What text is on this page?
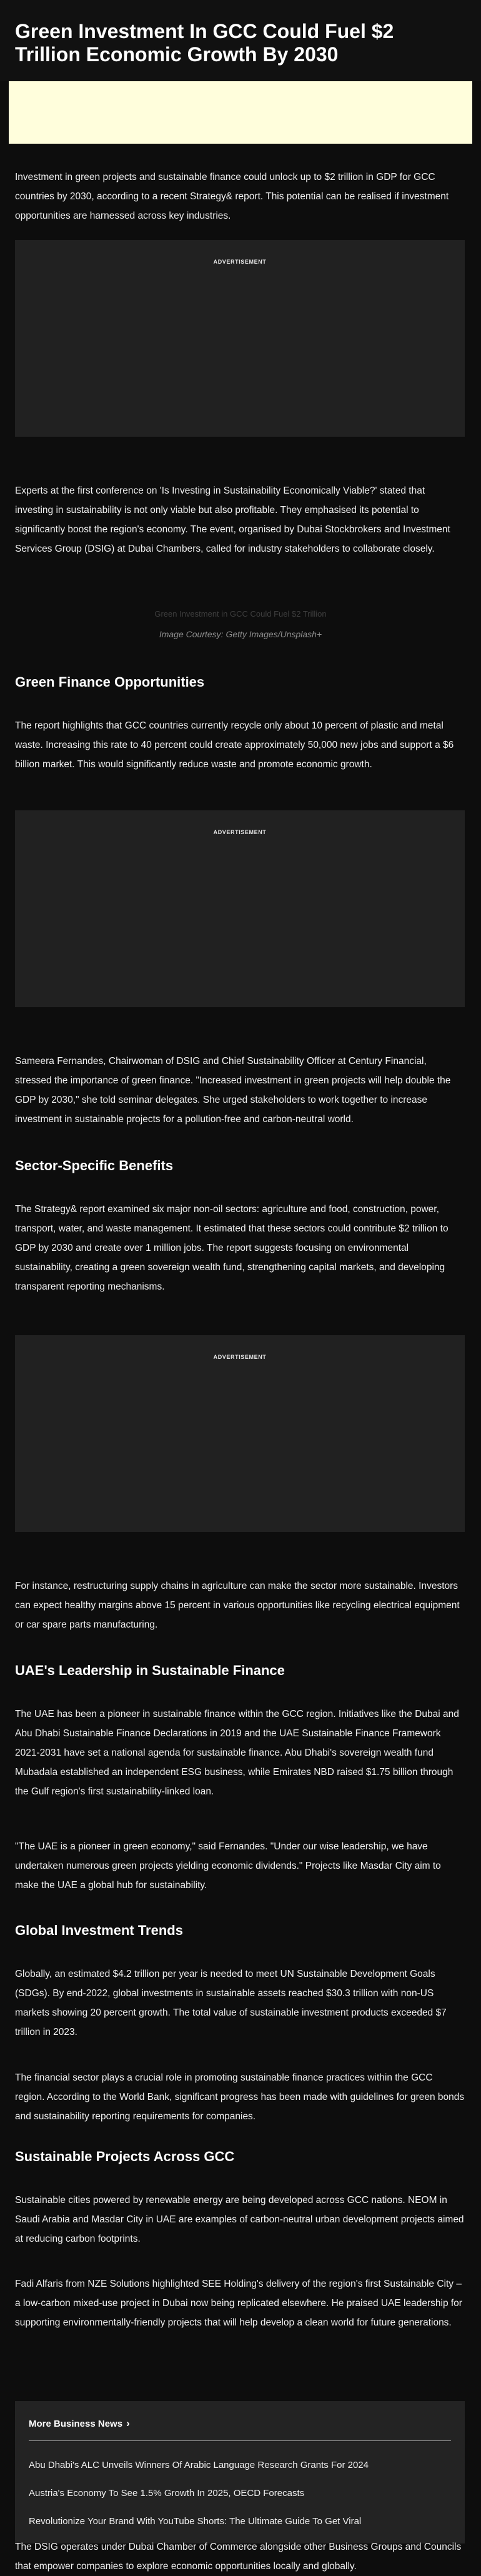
Green Investment In GCC Could Fuel $2 Trillion Economic Growth By 2030

Investment in green projects and sustainable finance could unlock up to $2 trillion in GDP for GCC countries by 2030, according to a recent Strategy& report. This potential can be realised if investment opportunities are harnessed across key industries.

ADVERTISEMENT

Experts at the first conference on 'Is Investing in Sustainability Economically Viable?' stated that investing in sustainability is not only viable but also profitable. They emphasised its potential to significantly boost the region's economy. The event, organised by Dubai Stockbrokers and Investment Services Group (DSIG) at Dubai Chambers, called for industry stakeholders to collaborate closely.

Green Investment in GCC Could Fuel $2 Trillion
Image Courtesy: Getty Images/Unsplash+
Green Finance Opportunities

The report highlights that GCC countries currently recycle only about 10 percent of plastic and metal waste. Increasing this rate to 40 percent could create approximately 50,000 new jobs and support a $6 billion market. This would significantly reduce waste and promote economic growth.

ADVERTISEMENT

Sameera Fernandes, Chairwoman of DSIG and Chief Sustainability Officer at Century Financial, stressed the importance of green finance. "Increased investment in green projects will help double the GDP by 2030," she told seminar delegates. She urged stakeholders to work together to increase investment in sustainable projects for a pollution-free and carbon-neutral world.

Sector-Specific Benefits

The Strategy& report examined six major non-oil sectors: agriculture and food, construction, power, transport, water, and waste management. It estimated that these sectors could contribute $2 trillion to GDP by 2030 and create over 1 million jobs. The report suggests focusing on environmental sustainability, creating a green sovereign wealth fund, strengthening capital markets, and developing transparent reporting mechanisms.

ADVERTISEMENT

For instance, restructuring supply chains in agriculture can make the sector more sustainable. Investors can expect healthy margins above 15 percent in various opportunities like recycling electrical equipment or car spare parts manufacturing.

UAE's Leadership in Sustainable Finance

The UAE has been a pioneer in sustainable finance within the GCC region. Initiatives like the Dubai and Abu Dhabi Sustainable Finance Declarations in 2019 and the UAE Sustainable Finance Framework 2021-2031 have set a national agenda for sustainable finance. Abu Dhabi's sovereign wealth fund Mubadala established an independent ESG business, while Emirates NBD raised $1.75 billion through the Gulf region's first sustainability-linked loan.

"The UAE is a pioneer in green economy," said Fernandes. "Under our wise leadership, we have undertaken numerous green projects yielding economic dividends." Projects like Masdar City aim to make the UAE a global hub for sustainability.

Global Investment Trends

Globally, an estimated $4.2 trillion per year is needed to meet UN Sustainable Development Goals (SDGs). By end-2022, global investments in sustainable assets reached $30.3 trillion with non-US markets showing 20 percent growth. The total value of sustainable investment products exceeded $7 trillion in 2023.

The financial sector plays a crucial role in promoting sustainable finance practices within the GCC region. According to the World Bank, significant progress has been made with guidelines for green bonds and sustainability reporting requirements for companies.

Sustainable Projects Across GCC

Sustainable cities powered by renewable energy are being developed across GCC nations. NEOM in Saudi Arabia and Masdar City in UAE are examples of carbon-neutral urban development projects aimed at reducing carbon footprints.

Fadi Alfaris from NZE Solutions highlighted SEE Holding's delivery of the region's first Sustainable City – a low-carbon mixed-use project in Dubai now being replicated elsewhere. He praised UAE leadership for supporting environmentally-friendly projects that will help develop a clean world for future generations.

More Business News ›
Abu Dhabi's ALC Unveils Winners Of Arabic Language Research Grants For 2024
Austria's Economy To See 1.5% Growth In 2025, OECD Forecasts
Revolutionize Your Brand With YouTube Shorts: The Ultimate Guide To Get Viral

The DSIG operates under Dubai Chamber of Commerce alongside other Business Groups and Councils that empower companies to explore economic opportunities locally and globally.
